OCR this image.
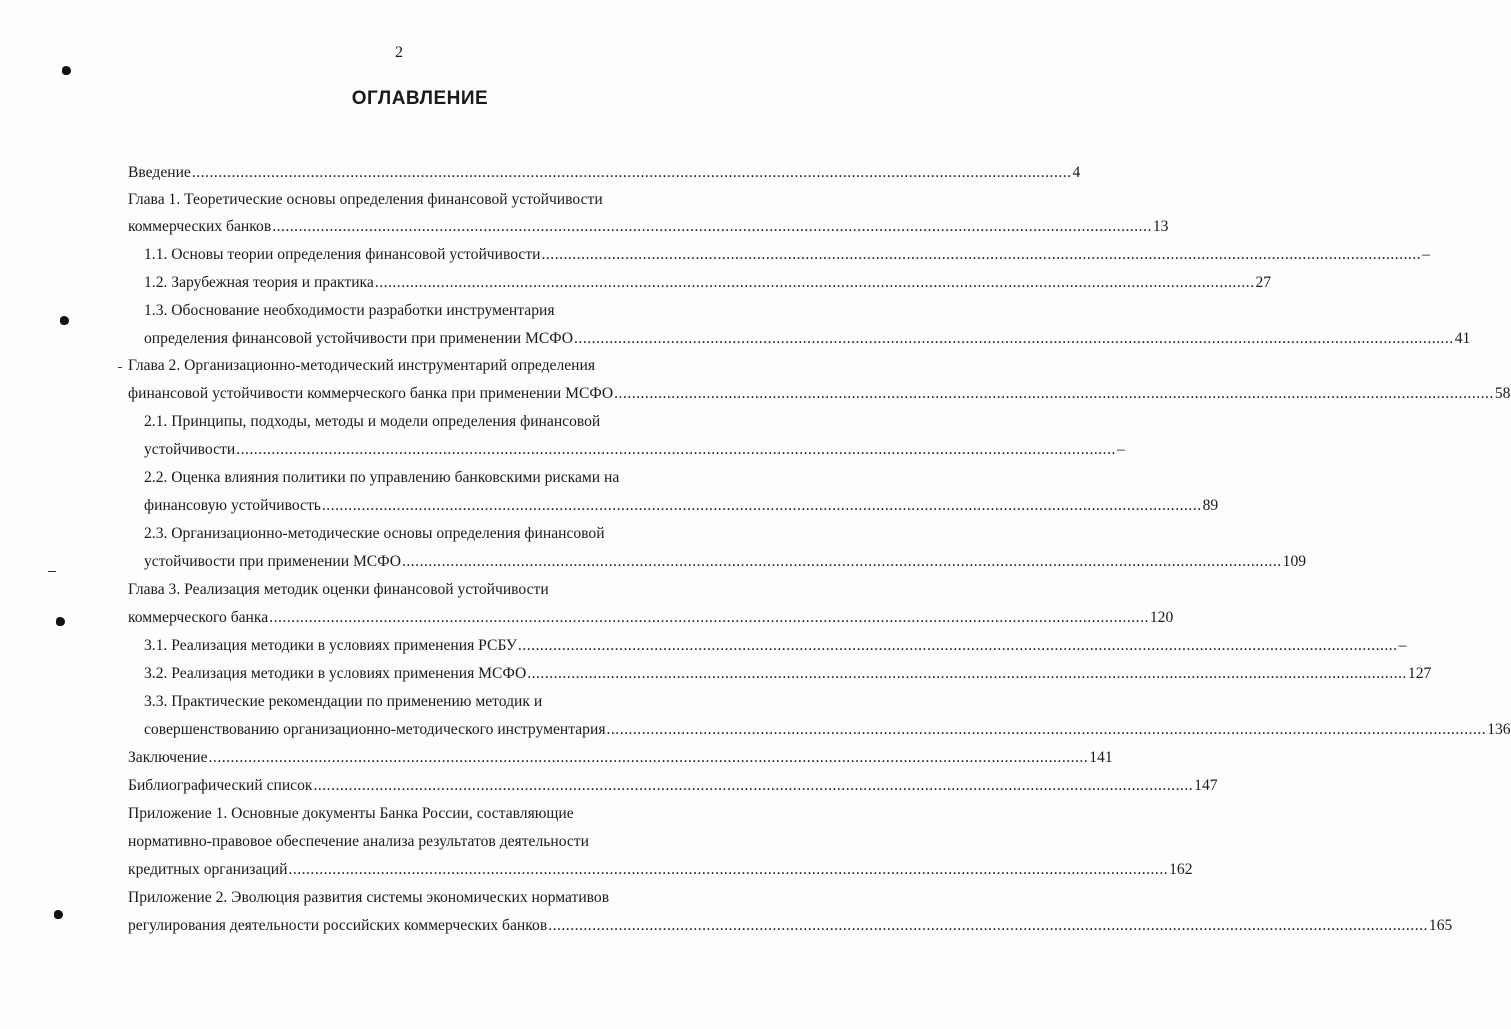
2
ОГЛАВЛЕНИЕ
Введение ........................................................................................................................................................................................................ 4
Глава 1. Теоретические основы определения финансовой устойчивости
коммерческих банков ........................................................................................................................................................................................................ 13
1.1. Основы теории определения финансовой устойчивости ........................................................................................................................................................................................................ –
1.2. Зарубежная теория и практика ........................................................................................................................................................................................................ 27
1.3. Обоснование необходимости разработки инструментария
определения финансовой устойчивости при применении МСФО ........................................................................................................................................................................................................ 41
Глава 2. Организационно-методический инструментарий определения
финансовой устойчивости коммерческого банка при применении МСФО ........................................................................................................................................................................................................ 58
2.1. Принципы, подходы, методы и модели определения финансовой
устойчивости ........................................................................................................................................................................................................ –
2.2. Оценка влияния политики по управлению банковскими рисками на
финансовую устойчивость ........................................................................................................................................................................................................ 89
2.3. Организационно-методические основы определения финансовой
устойчивости при применении МСФО ........................................................................................................................................................................................................ 109
Глава 3. Реализация методик оценки финансовой устойчивости
коммерческого банка ........................................................................................................................................................................................................ 120
3.1. Реализация методики в условиях применения РСБУ ........................................................................................................................................................................................................ –
3.2. Реализация методики в условиях применения МСФО ........................................................................................................................................................................................................ 127
3.3. Практические рекомендации по применению методик и
совершенствованию организационно-методического инструментария ........................................................................................................................................................................................................ 136
Заключение ........................................................................................................................................................................................................ 141
Библиографический список ........................................................................................................................................................................................................ 147
Приложение 1. Основные документы Банка России, составляющие
нормативно-правовое обеспечение анализа результатов деятельности
кредитных организаций ........................................................................................................................................................................................................ 162
Приложение 2. Эволюция развития системы экономических нормативов
регулирования деятельности российских коммерческих банков ........................................................................................................................................................................................................ 165
